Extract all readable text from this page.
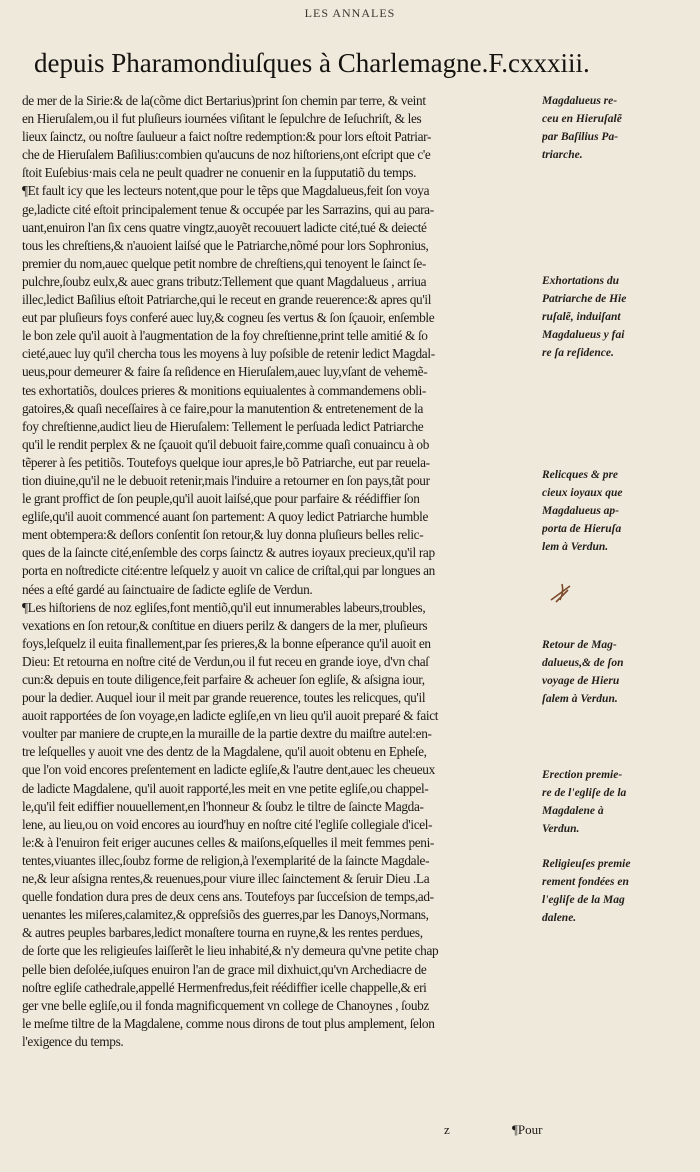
LES ANNALES
depuis Pharamondiuſques à Charlemagne.F.cxxxiii.
de mer de la Sirie:& de la(cõme dict Bertarius)print ſon chemin par terre, & veint
en Hieruſalem,ou il fut pluſieurs iournées viſitant le ſepulchre de Ieſuchriſt, & les
lieux ſainctz, ou noſtre ſaulueur a faict noſtre redemption:& pour lors eſtoit Patriar-
che de Hieruſalem Baſilius:combien qu'aucuns de noz hiſtoriens,ont eſcript que c'e
ſtoit Euſebius·mais cela ne peult quadrer ne conuenir en la ſupputatiõ du temps.
¶Et fault icy que les lecteurs notent,que pour le tẽps que Magdalueus,feit ſon voya
ge,ladicte cité eſtoit principalement tenue & occupée par les Sarrazins, qui au para-
uant,enuiron l'an ſix cens quatre vingtz,auoyẽt recouuert ladicte cité,tué & deiecté
tous les chreſtiens,& n'auoient laiſsé que le Patriarche,nõmé pour lors Sophronius,
premier du nom,auec quelque petit nombre de chreſtiens,qui tenoyent le ſainct ſe-
pulchre,ſoubz eulx,& auec grans tributz:Tellement que quant Magdalueus , arriua
illec,ledict Baſilius eſtoit Patriarche,qui le receut en grande reuerence:& apres qu'il
eut par pluſieurs foys conferé auec luy,& cogneu ſes vertus & ſon ſçauoir, enſemble
le bon zele qu'il auoit à l'augmentation de la foy chreſtienne,print telle amitié & ſo
cieté,auec luy qu'il chercha tous les moyens à luy poſsible de retenir ledict Magdal-
ueus,pour demeurer & faire ſa reſidence en Hieruſalem,auec luy,vſant de vehemẽ-
tes exhortatiõs, doulces prieres & monitions equiualentes à commandemens obli-
gatoires,& quaſi neceſſaires à ce faire,pour la manutention & entretenement de la
foy chreſtienne,audict lieu de Hieruſalem: Tellement le perſuada ledict Patriarche
qu'il le rendit perplex & ne ſçauoit qu'il debuoit faire,comme quaſi conuaincu à ob
tẽperer à ſes petitiõs. Toutefoys quelque iour apres,le bõ Patriarche, eut par reuela-
tion diuine,qu'il ne le debuoit retenir,mais l'induire a retourner en ſon pays,tãt pour
le grant proffict de ſon peuple,qu'il auoit laiſsé,que pour parfaire & réédiffier ſon
egliſe,qu'il auoit commencé auant ſon partement: A quoy ledict Patriarche humble
ment obtempera:& deſlors conſentit ſon retour,& luy donna pluſieurs belles relic-
ques de la ſaincte cité,enſemble des corps ſainctz & autres ioyaux precieux,qu'il rap
porta en noſtredicte cité:entre leſquelz y auoit vn calice de criſtal,qui par longues an
nées a eſté gardé au ſainctuaire de ſadicte egliſe de Verdun.
¶Les hiſtoriens de noz egliſes,font mentiõ,qu'il eut innumerables labeurs,troubles,
vexations en ſon retour,& conſtitue en diuers perilz & dangers de la mer, pluſieurs
foys,leſquelz il euita finallement,par ſes prieres,& la bonne eſperance qu'il auoit en
Dieu: Et retourna en noſtre cité de Verdun,ou il fut receu en grande ioye, d'vn chaſ
cun:& depuis en toute diligence,feit parfaire & acheuer ſon egliſe, & aſsigna iour,
pour la dedier. Auquel iour il meit par grande reuerence, toutes les relicques, qu'il
auoit rapportées de ſon voyage,en ladicte egliſe,en vn lieu qu'il auoit preparé & faict
voulter par maniere de crupte,en la muraille de la partie dextre du maiſtre autel:en-
tre leſquelles y auoit vne des dentz de la Magdalene, qu'il auoit obtenu en Epheſe,
que l'on void encores preſentement en ladicte egliſe,& l'autre dent,auec les cheueux
de ladicte Magdalene, qu'il auoit rapporté,les meit en vne petite egliſe,ou chappel-
le,qu'il feit ediffier nouuellement,en l'honneur & ſoubz le tiltre de ſaincte Magda-
lene, au lieu,ou on void encores au iourd'huy en noſtre cité l'egliſe collegiale d'icel-
le:& à l'enuiron feit eriger aucunes celles & maiſons,eſquelles il meit femmes peni-
tentes,viuantes illec,ſoubz forme de religion,à l'exemplarité de la ſaincte Magdale-
ne,& leur aſsigna rentes,& reuenues,pour viure illec ſainctement & ſeruir Dieu .La
quelle fondation dura pres de deux cens ans. Toutefoys par ſucceſsion de temps,ad-
uenantes les miſeres,calamitez,& oppreſsiõs des guerres,par les Danoys,Normans,
& autres peuples barbares,ledict monaſtere tourna en ruyne,& les rentes perdues,
de ſorte que les religieuſes laiſſerẽt le lieu inhabité,& n'y demeura qu'vne petite chap
pelle bien deſolée,iuſques enuiron l'an de grace mil dixhuict,qu'vn Archediacre de
noſtre egliſe cathedrale,appellé Hermenfredus,feit réédiffier icelle chappelle,& eri
ger vne belle egliſe,ou il fonda magnificquement vn college de Chanoynes , ſoubz
le meſme tiltre de la Magdalene, comme nous dirons de tout plus amplement, ſelon
l'exigence du temps.
Magdalueus re-
ceu en Hieruſalẽ
par Baſilius Pa-
triarche.
Exhortations du
Patriarche de Hie
ruſalẽ, induiſant
Magdalueus y fai
re ſa reſidence.
Relicques & pre
cieux ioyaux que
Magdalueus ap-
porta de Hieruſa
lem à Verdun.
Retour de Mag-
dalueus,& de ſon
voyage de Hieru
ſalem à Verdun.
Erection premie-
re de l'egliſe de la
Magdalene à
Verdun.
Religieuſes premie
rement fondées en
l'egliſe de la Mag
dalene.
z	¶Pour
